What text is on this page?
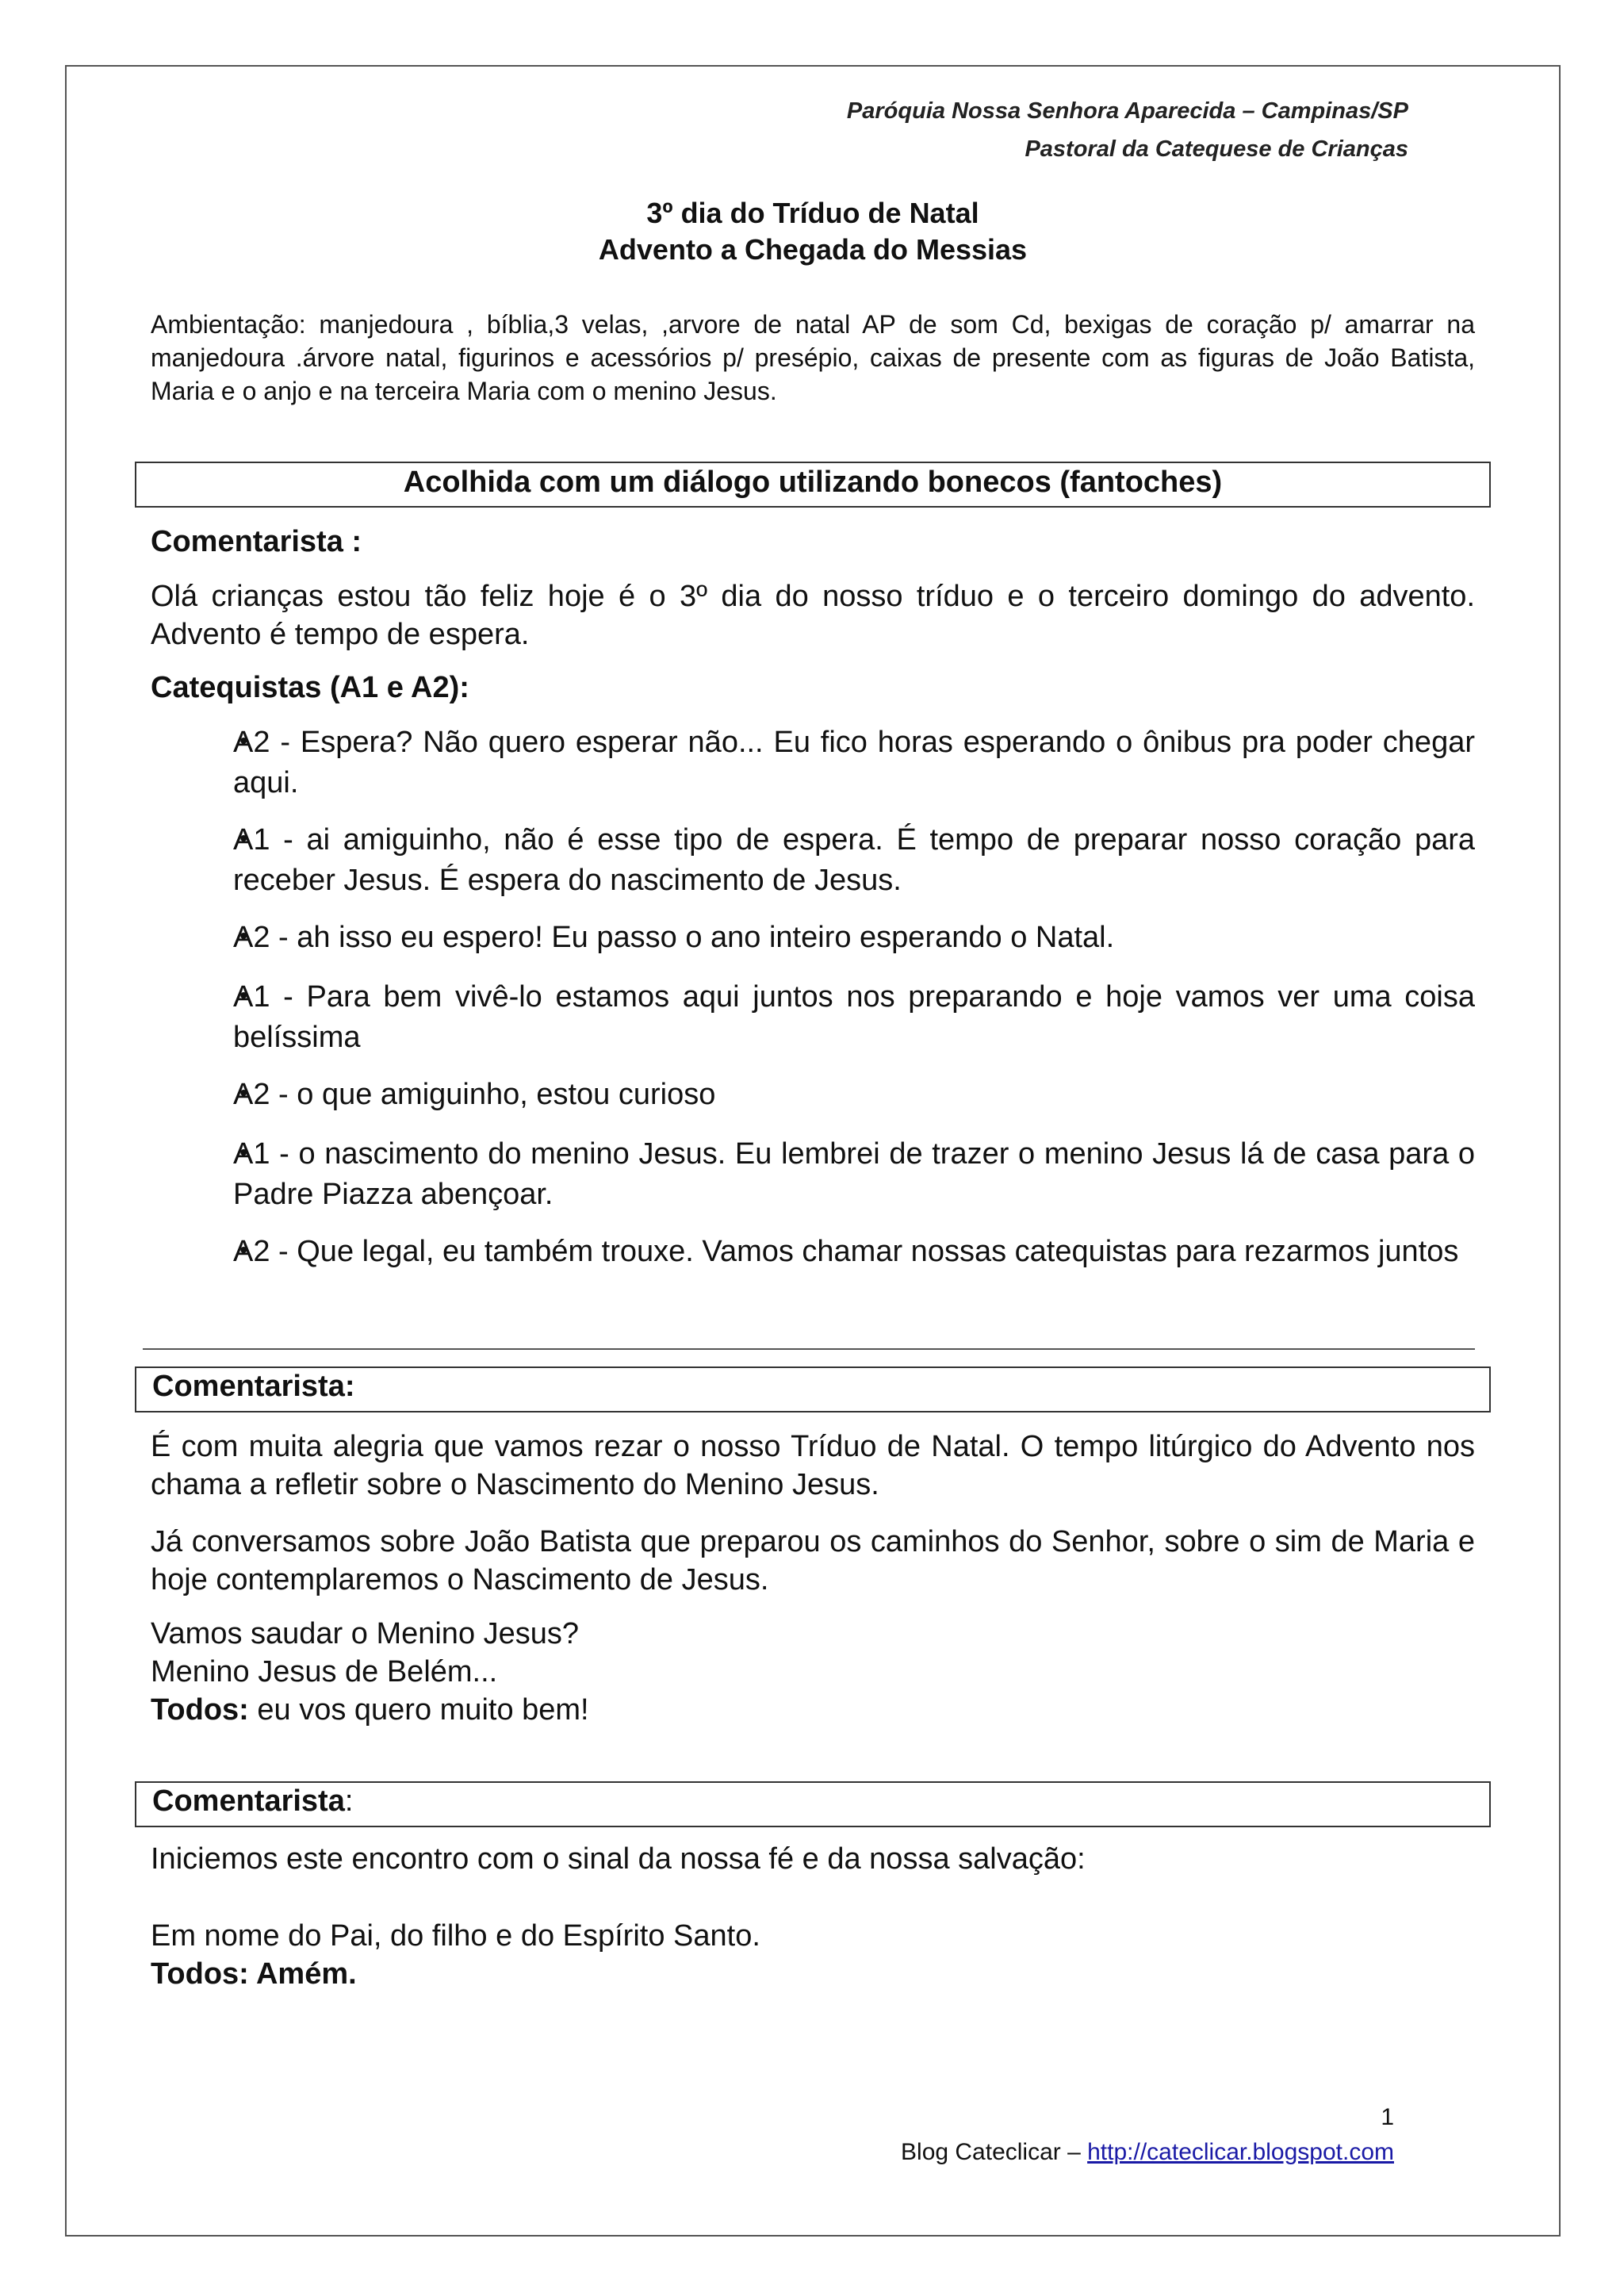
Paróquia Nossa Senhora Aparecida – Campinas/SP
Pastoral da Catequese de Crianças
3º dia do Tríduo de Natal
Advento a Chegada do Messias
Ambientação: manjedoura , bíblia,3 velas, ,arvore de natal AP de som Cd, bexigas de coração p/ amarrar na manjedoura .árvore natal, figurinos e acessórios p/ presépio, caixas de presente com as figuras de João Batista, Maria e o anjo e na terceira Maria com o menino Jesus.
Acolhida com um diálogo utilizando bonecos (fantoches)
Comentarista :
Olá crianças estou tão feliz hoje é o 3º dia do nosso tríduo e o terceiro domingo do advento. Advento é tempo de espera.
Catequistas (A1 e A2):
•A2 - Espera? Não quero esperar não... Eu fico horas esperando o ônibus pra poder chegar aqui.
•A1 - ai amiguinho, não é esse tipo de espera. É tempo de preparar nosso coração para receber Jesus. É espera do nascimento de Jesus.
•A2 - ah isso eu espero! Eu passo o ano inteiro esperando o Natal.
•A1 - Para bem vivê-lo estamos aqui juntos nos preparando e hoje vamos ver uma coisa belíssima
•A2 - o que amiguinho, estou curioso
•A1 - o nascimento do menino Jesus. Eu lembrei de trazer o menino Jesus lá de casa para o Padre Piazza abençoar.
•A2 - Que legal, eu também trouxe. Vamos chamar nossas catequistas para rezarmos juntos
Comentarista:
É com muita alegria que vamos rezar o nosso Tríduo de Natal. O tempo litúrgico do Advento nos chama a refletir sobre o Nascimento do Menino Jesus.
Já conversamos sobre João Batista que preparou os caminhos do Senhor, sobre o sim de Maria e hoje contemplaremos o Nascimento de Jesus.
Vamos saudar o Menino Jesus?
Menino Jesus de Belém...
Todos: eu vos quero muito bem!
Comentarista:
Iniciemos este encontro com o sinal da nossa fé e da nossa salvação:
Em nome do Pai, do filho e do Espírito Santo.
Todos: Amém.
1
Blog Cateclicar – http://cateclicar.blogspot.com
